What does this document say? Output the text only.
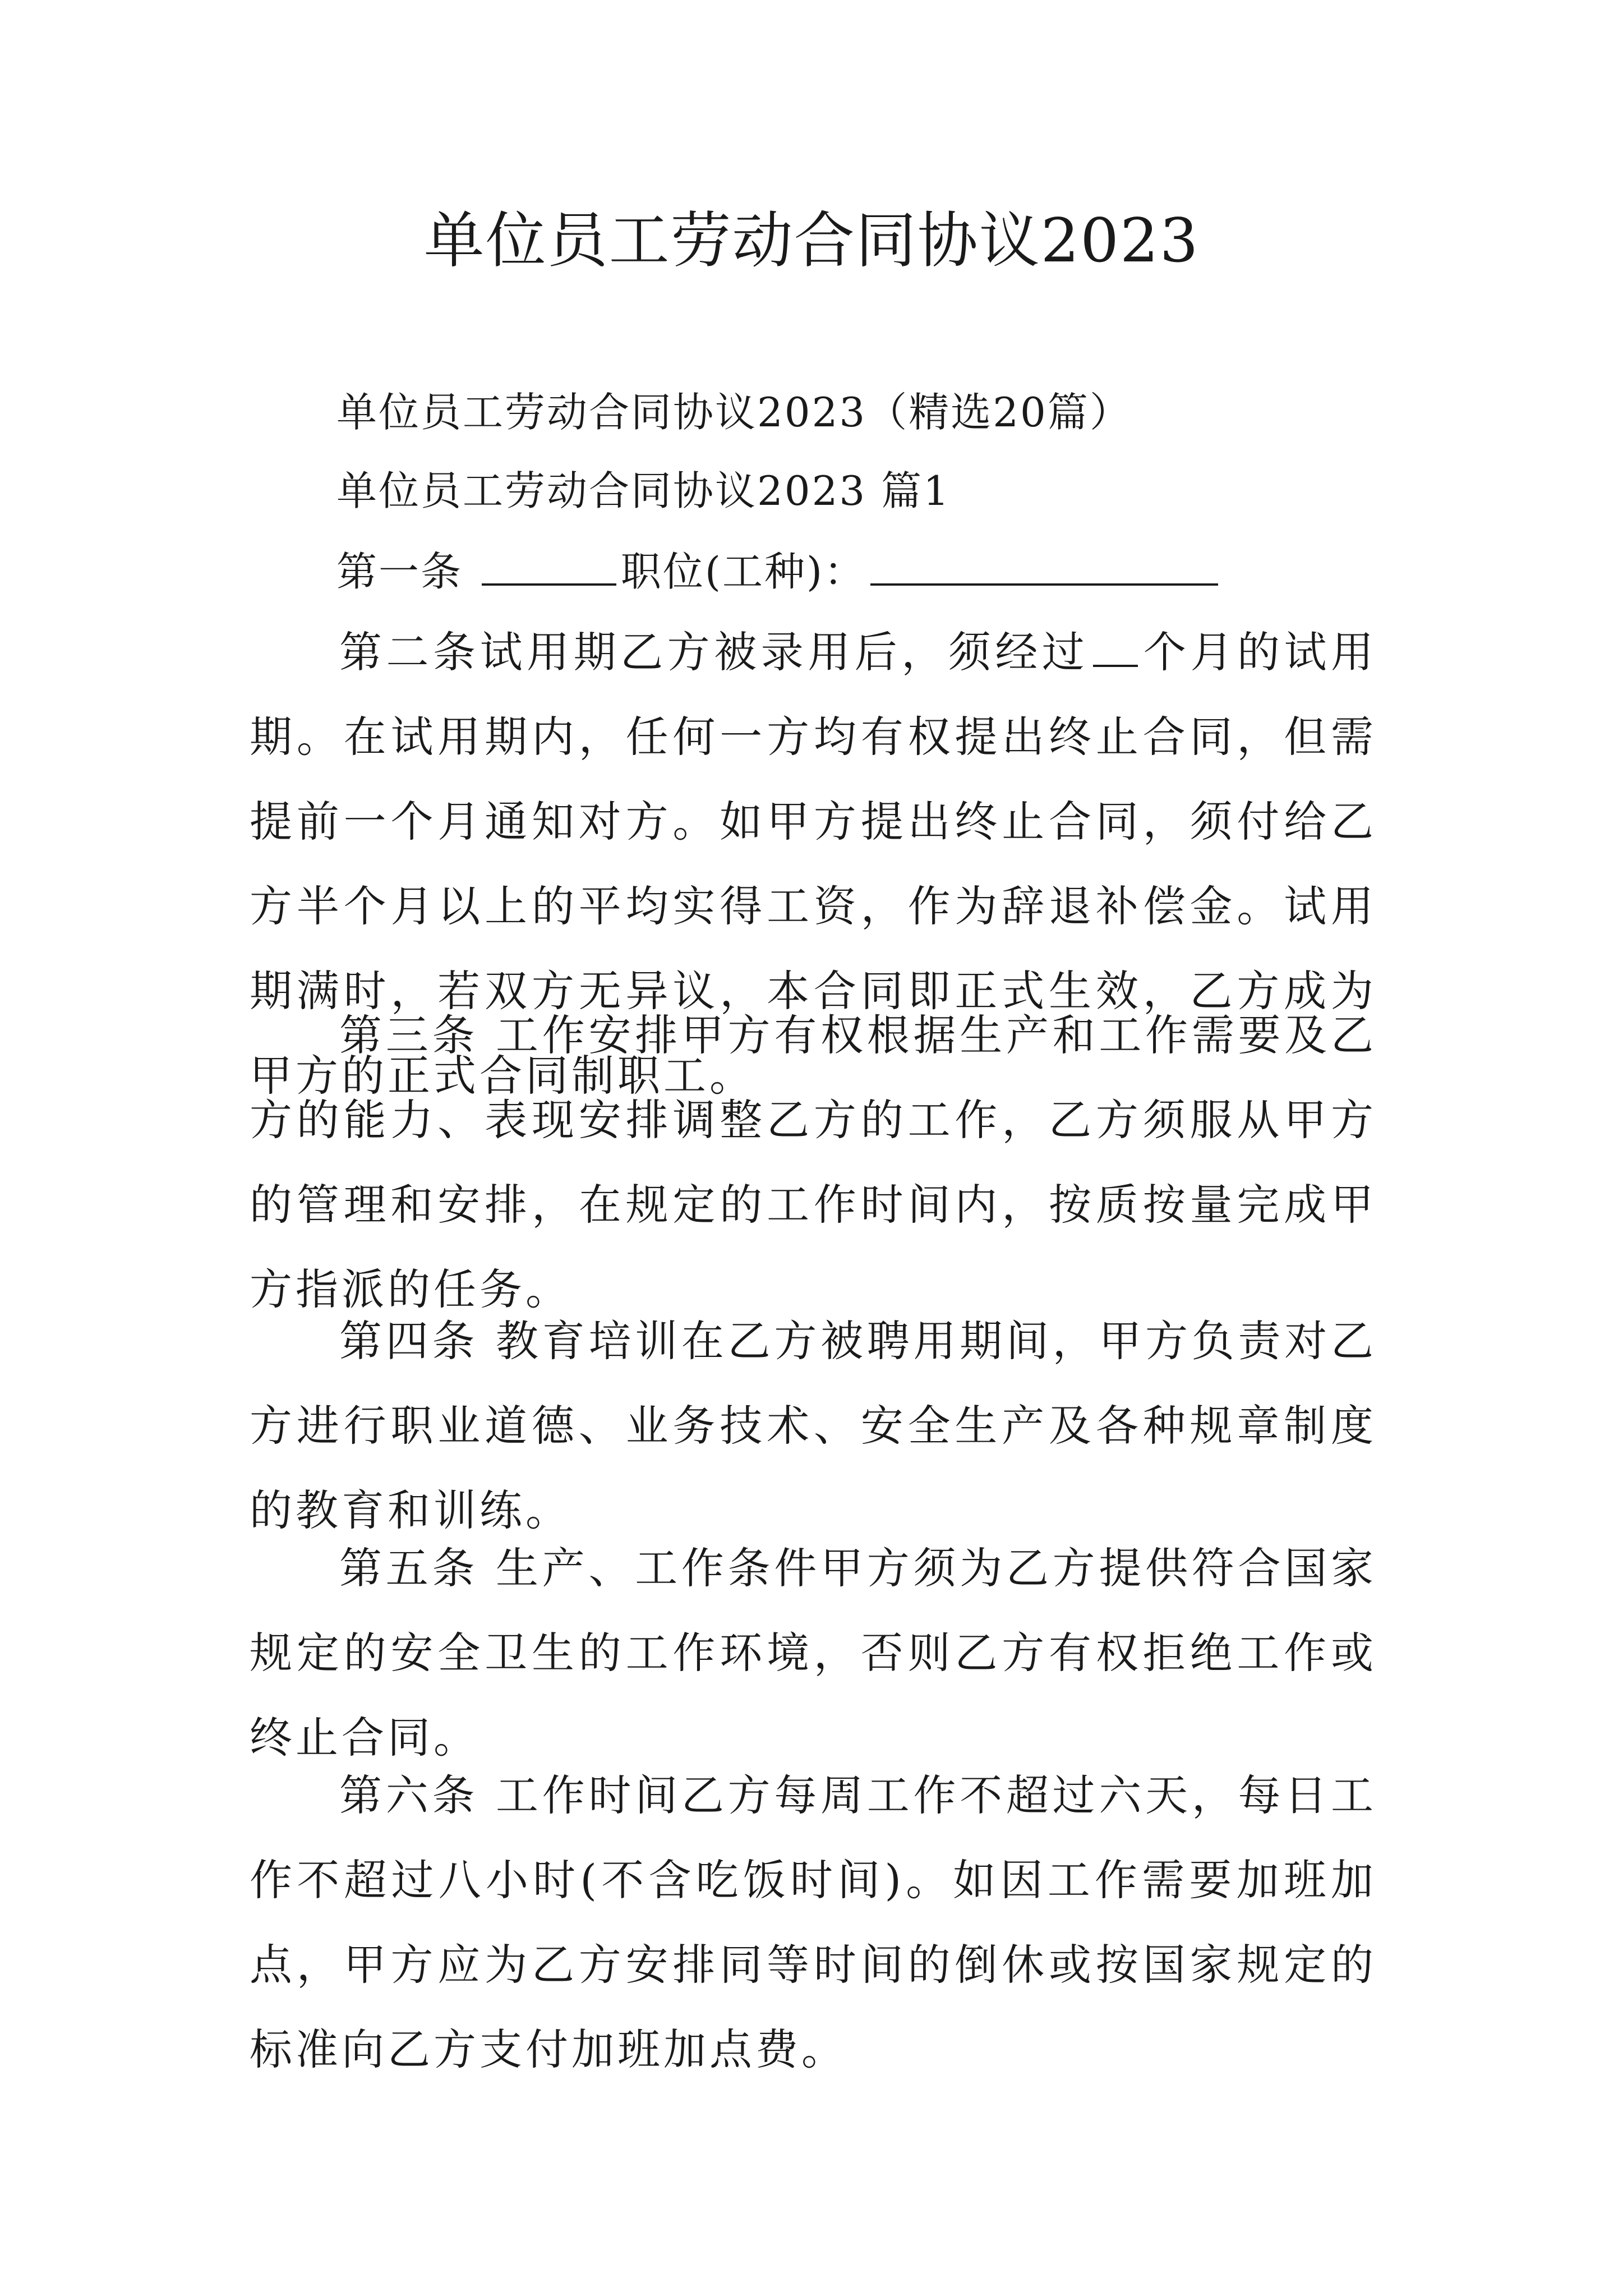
单位员工劳动合同协议2023
单位员工劳动合同协议2023（精选20篇）
单位员工劳动合同协议2023 篇1
第一条	职位(工种)：
第二条试用期乙方被录用后，须经过 个月的试用期。在试用期内，任何一方均有权提出终止合同，但需提前一个月通知对方。如甲方提出终止合同，须付给乙方半个月以上的平均实得工资，作为辞退补偿金。试用期满时，若双方无异议，本合同即正式生效，乙方成为甲方的正式合同制职工。
第三条 工作安排甲方有权根据生产和工作需要及乙方的能力、表现安排调整乙方的工作，乙方须服从甲方的管理和安排，在规定的工作时间内，按质按量完成甲方指派的任务。
第四条 教育培训在乙方被聘用期间，甲方负责对乙方进行职业道德、业务技术、安全生产及各种规章制度的教育和训练。
第五条 生产、工作条件甲方须为乙方提供符合国家规定的安全卫生的工作环境，否则乙方有权拒绝工作或终止合同。
第六条 工作时间乙方每周工作不超过六天，每日工作不超过八小时(不含吃饭时间)。如因工作需要加班加点，甲方应为乙方安排同等时间的倒休或按国家规定的标准向乙方支付加班加点费。
